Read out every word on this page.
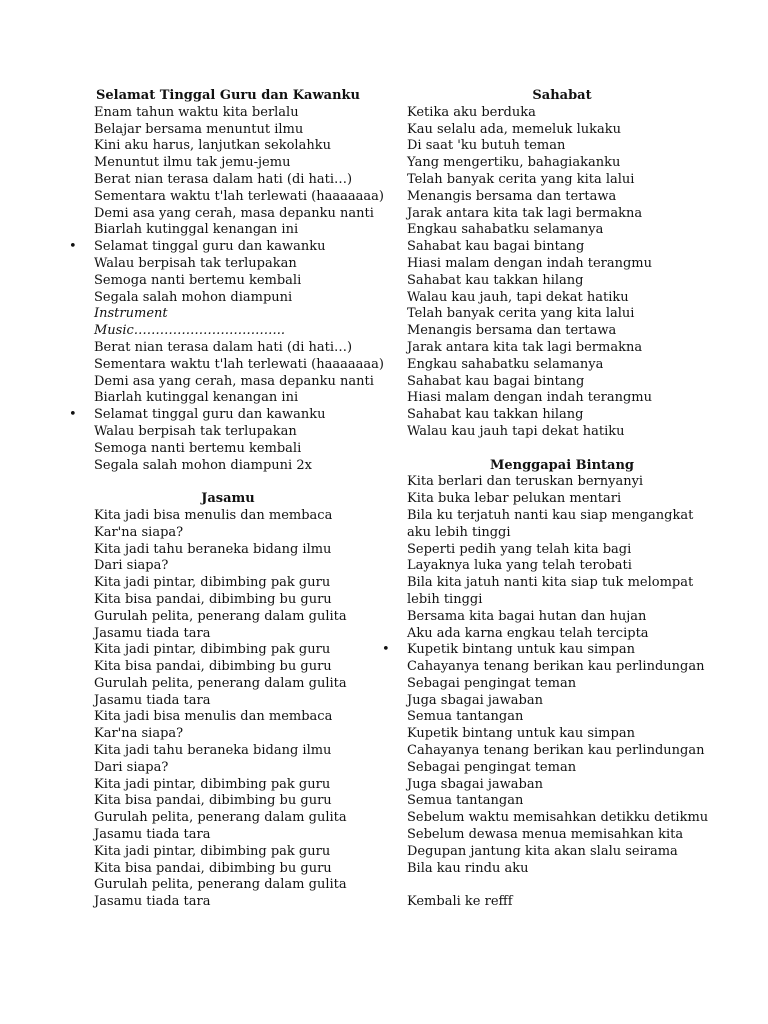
Selamat Tinggal Guru dan Kawanku

Enam tahun waktu kita berlalu

Belajar bersama menuntut ilmu

Kini aku harus, lanjutkan sekolahku

Menuntut ilmu tak jemu-jemu

Berat nian terasa dalam hati (di hati…)

Sementara waktu t'lah terlewati (haaaaaaa)

Demi asa yang cerah, masa depanku nanti

Biarlah kutinggal kenangan ini

• Selamat tinggal guru dan kawanku

Walau berpisah tak terlupakan

Semoga nanti bertemu kembali

Segala salah mohon diampuni

Instrument

Music……………………………..

Berat nian terasa dalam hati (di hati…)

Sementara waktu t'lah terlewati (haaaaaaa)

Demi asa yang cerah, masa depanku nanti

Biarlah kutinggal kenangan ini

• Selamat tinggal guru dan kawanku

Walau berpisah tak terlupakan

Semoga nanti bertemu kembali

Segala salah mohon diampuni 2x

Jasamu

Kita jadi bisa menulis dan membaca

Kar'na siapa?

Kita jadi tahu beraneka bidang ilmu

Dari siapa?

Kita jadi pintar, dibimbing pak guru

Kita bisa pandai, dibimbing bu guru

Gurulah pelita, penerang dalam gulita

Jasamu tiada tara

Kita jadi pintar, dibimbing pak guru

Kita bisa pandai, dibimbing bu guru

Gurulah pelita, penerang dalam gulita

Jasamu tiada tara

Kita jadi bisa menulis dan membaca

Kar'na siapa?

Kita jadi tahu beraneka bidang ilmu

Dari siapa?

Kita jadi pintar, dibimbing pak guru

Kita bisa pandai, dibimbing bu guru

Gurulah pelita, penerang dalam gulita

Jasamu tiada tara

Kita jadi pintar, dibimbing pak guru

Kita bisa pandai, dibimbing bu guru

Gurulah pelita, penerang dalam gulita

Jasamu tiada tara

Sahabat

Ketika aku berduka

Kau selalu ada, memeluk lukaku

Di saat 'ku butuh teman

Yang mengertiku, bahagiakanku

Telah banyak cerita yang kita lalui

Menangis bersama dan tertawa

Jarak antara kita tak lagi bermakna

Engkau sahabatku selamanya

Sahabat kau bagai bintang

Hiasi malam dengan indah terangmu

Sahabat kau takkan hilang

Walau kau jauh, tapi dekat hatiku

Telah banyak cerita yang kita lalui

Menangis bersama dan tertawa

Jarak antara kita tak lagi bermakna

Engkau sahabatku selamanya

Sahabat kau bagai bintang

Hiasi malam dengan indah terangmu

Sahabat kau takkan hilang

Walau kau jauh tapi dekat hatiku

Menggapai Bintang

Kita berlari dan teruskan bernyanyi

Kita buka lebar pelukan mentari

Bila ku terjatuh nanti kau siap mengangkat aku lebih tinggi

Seperti pedih yang telah kita bagi

Layaknya luka yang telah terobati

Bila kita jatuh nanti kita siap tuk melompat lebih tinggi

Bersama kita bagai hutan dan hujan

Aku ada karna engkau telah tercipta

• Kupetik bintang untuk kau simpan

Cahayanya tenang berikan kau perlindungan

Sebagai pengingat teman

Juga sbagai jawaban

Semua tantangan

Kupetik bintang untuk kau simpan

Cahayanya tenang berikan kau perlindungan

Sebagai pengingat teman

Juga sbagai jawaban

Semua tantangan

Sebelum waktu memisahkan detikku detikmu

Sebelum dewasa menua memisahkan kita

Degupan jantung kita akan slalu seirama

Bila kau rindu aku

Kembali ke refff
